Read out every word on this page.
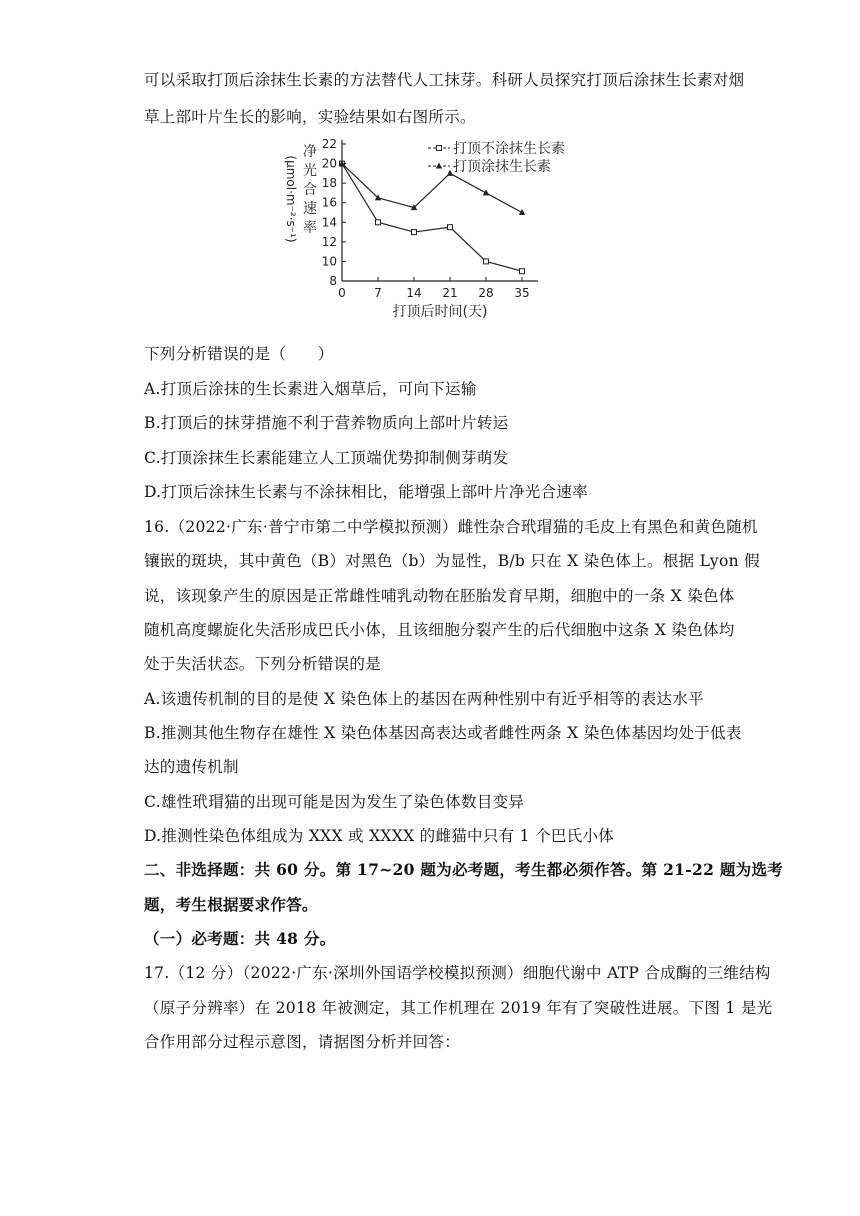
可以采取打顶后涂抹生长素的方法替代人工抹芽。科研人员探究打顶后涂抹生长素对烟
草上部叶片生长的影响，实验结果如右图所示。
8
10
12
14
16
18
20
22
0 7 14 21 28 35
打顶后时间(天)
净
光
合
速
率
(μmol·m⁻²·s⁻¹)
打顶不涂抹生长素
打顶涂抹生长素
下列分析错误的是（　　）
A.打顶后涂抹的生长素进入烟草后，可向下运输
B.打顶后的抹芽措施不利于营养物质向上部叶片转运
C.打顶涂抹生长素能建立人工顶端优势抑制侧芽萌发
D.打顶后涂抹生长素与不涂抹相比，能增强上部叶片净光合速率
16.（2022·广东·普宁市第二中学模拟预测）雌性杂合玳瑁猫的毛皮上有黑色和黄色随机
镶嵌的斑块，其中黄色（B）对黑色（b）为显性，B/b 只在 X 染色体上。根据 Lyon 假
说，该现象产生的原因是正常雌性哺乳动物在胚胎发育早期，细胞中的一条 X 染色体
随机高度螺旋化失活形成巴氏小体，且该细胞分裂产生的后代细胞中这条 X 染色体均
处于失活状态。下列分析错误的是
A.该遗传机制的目的是使 X 染色体上的基因在两种性别中有近乎相等的表达水平
B.推测其他生物存在雄性 X 染色体基因高表达或者雌性两条 X 染色体基因均处于低表
达的遗传机制
C.雄性玳瑁猫的出现可能是因为发生了染色体数目变异
D.推测性染色体组成为 XXX 或 XXXX 的雌猫中只有 1 个巴氏小体
二、非选择题：共 60 分。第 17~20 题为必考题，考生都必须作答。第 21-22 题为选考
题，考生根据要求作答。
（一）必考题：共 48 分。
17.（12 分）（2022·广东·深圳外国语学校模拟预测）细胞代谢中 ATP 合成酶的三维结构
（原子分辨率）在 2018 年被测定，其工作机理在 2019 年有了突破性进展。下图 1 是光
合作用部分过程示意图，请据图分析并回答：
